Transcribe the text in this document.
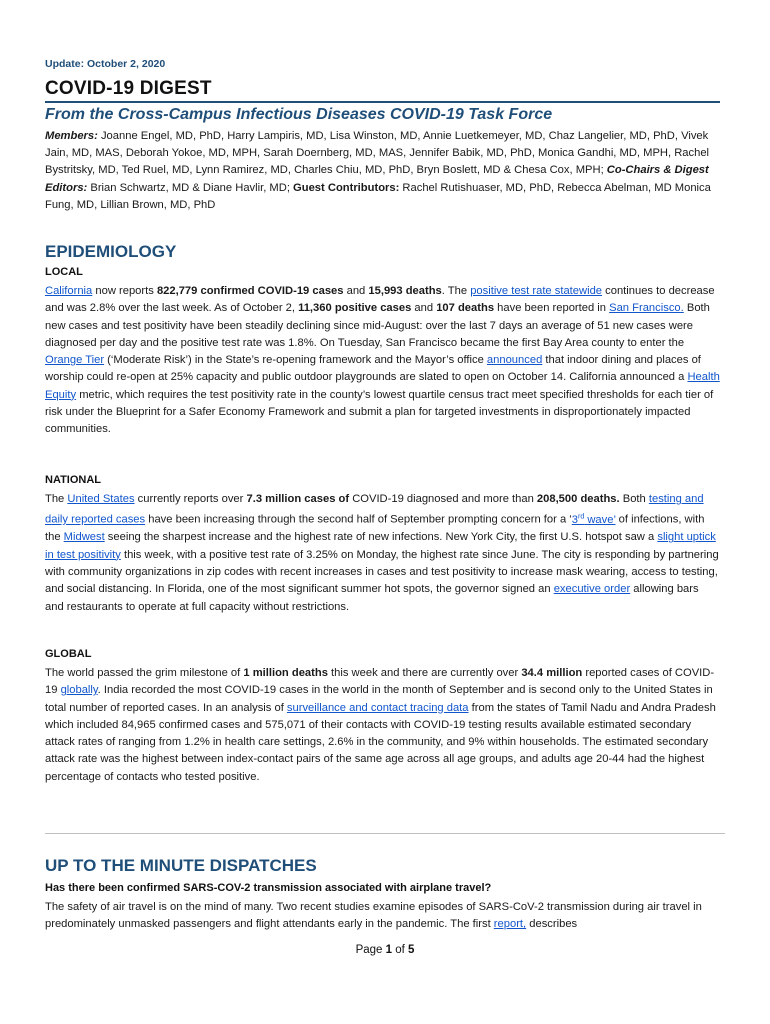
Update: October 2, 2020
COVID-19 DIGEST
From the Cross-Campus Infectious Diseases COVID-19 Task Force
Members: Joanne Engel, MD, PhD, Harry Lampiris, MD, Lisa Winston, MD, Annie Luetkemeyer, MD, Chaz Langelier, MD, PhD, Vivek Jain, MD, MAS, Deborah Yokoe, MD, MPH, Sarah Doernberg, MD, MAS, Jennifer Babik, MD, PhD, Monica Gandhi, MD, MPH, Rachel Bystritsky, MD, Ted Ruel, MD, Lynn Ramirez, MD, Charles Chiu, MD, PhD, Bryn Boslett, MD & Chesa Cox, MPH; Co-Chairs & Digest Editors: Brian Schwartz, MD & Diane Havlir, MD; Guest Contributors: Rachel Rutishuaser, MD, PhD, Rebecca Abelman, MD Monica Fung, MD, Lillian Brown, MD, PhD
EPIDEMIOLOGY
LOCAL
California now reports 822,779 confirmed COVID-19 cases and 15,993 deaths. The positive test rate statewide continues to decrease and was 2.8% over the last week. As of October 2, 11,360 positive cases and 107 deaths have been reported in San Francisco. Both new cases and test positivity have been steadily declining since mid-August: over the last 7 days an average of 51 new cases were diagnosed per day and the positive test rate was 1.8%. On Tuesday, San Francisco became the first Bay Area county to enter the Orange Tier (‘Moderate Risk’) in the State’s re-opening framework and the Mayor’s office announced that indoor dining and places of worship could re-open at 25% capacity and public outdoor playgrounds are slated to open on October 14. California announced a Health Equity metric, which requires the test positivity rate in the county’s lowest quartile census tract meet specified thresholds for each tier of risk under the Blueprint for a Safer Economy Framework and submit a plan for targeted investments in disproportionately impacted communities.
NATIONAL
The United States currently reports over 7.3 million cases of COVID-19 diagnosed and more than 208,500 deaths. Both testing and daily reported cases have been increasing through the second half of September prompting concern for a ‘3rd wave’ of infections, with the Midwest seeing the sharpest increase and the highest rate of new infections. New York City, the first U.S. hotspot saw a slight uptick in test positivity this week, with a positive test rate of 3.25% on Monday, the highest rate since June. The city is responding by partnering with community organizations in zip codes with recent increases in cases and test positivity to increase mask wearing, access to testing, and social distancing. In Florida, one of the most significant summer hot spots, the governor signed an executive order allowing bars and restaurants to operate at full capacity without restrictions.
GLOBAL
The world passed the grim milestone of 1 million deaths this week and there are currently over 34.4 million reported cases of COVID-19 globally. India recorded the most COVID-19 cases in the world in the month of September and is second only to the United States in total number of reported cases. In an analysis of surveillance and contact tracing data from the states of Tamil Nadu and Andra Pradesh which included 84,965 confirmed cases and 575,071 of their contacts with COVID-19 testing results available estimated secondary attack rates of ranging from 1.2% in health care settings, 2.6% in the community, and 9% within households. The estimated secondary attack rate was the highest between index-contact pairs of the same age across all age groups, and adults age 20-44 had the highest percentage of contacts who tested positive.
UP TO THE MINUTE DISPATCHES
Has there been confirmed SARS-COV-2 transmission associated with airplane travel?
The safety of air travel is on the mind of many. Two recent studies examine episodes of SARS-CoV-2 transmission during air travel in predominately unmasked passengers and flight attendants early in the pandemic. The first report, describes
Page 1 of 5
